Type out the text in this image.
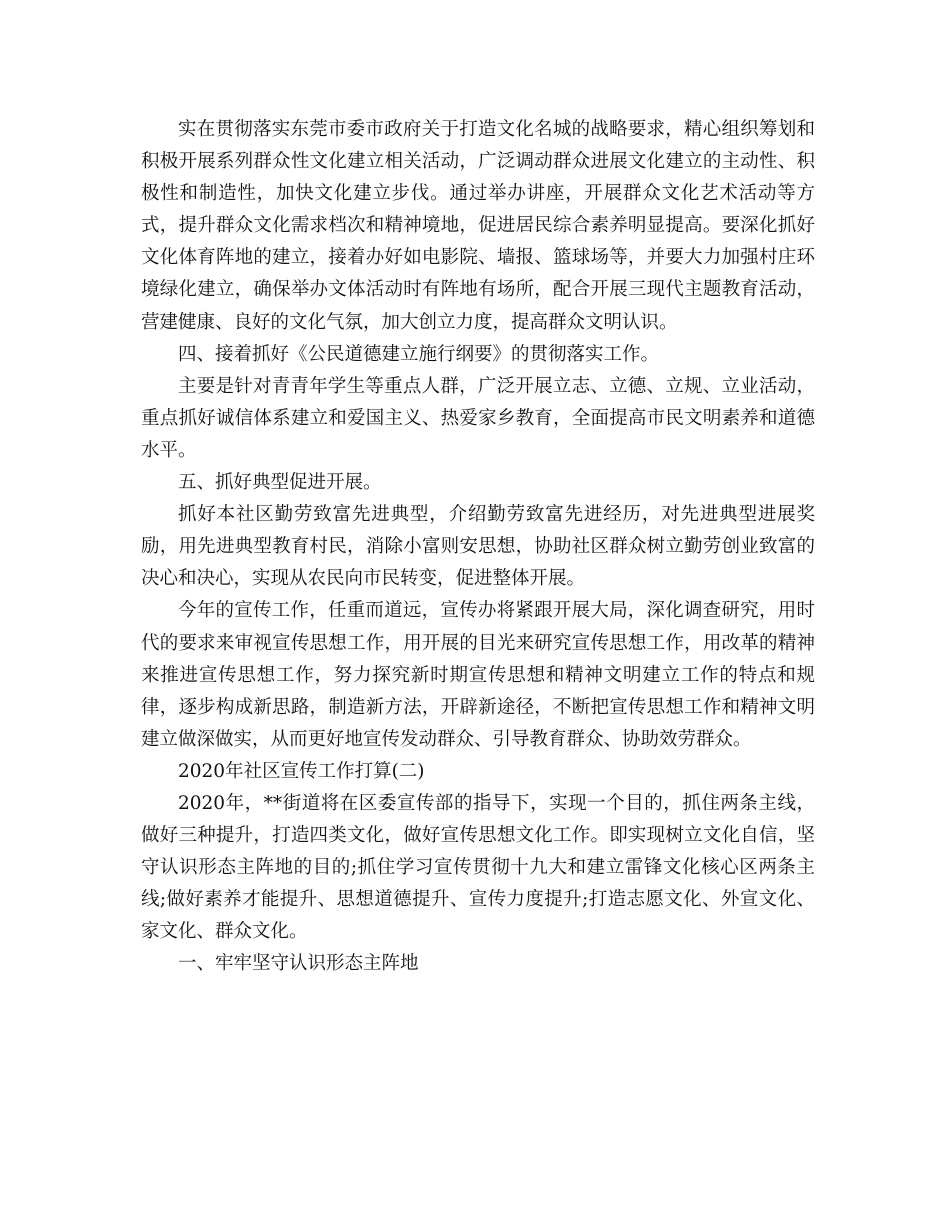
实在贯彻落实东莞市委市政府关于打造文化名城的战略要求，精心组织筹划和积极开展系列群众性文化建立相关活动，广泛调动群众进展文化建立的主动性、积极性和制造性，加快文化建立步伐。通过举办讲座，开展群众文化艺术活动等方式，提升群众文化需求档次和精神境地，促进居民综合素养明显提高。要深化抓好文化体育阵地的建立，接着办好如电影院、墙报、篮球场等，并要大力加强村庄环境绿化建立，确保举办文体活动时有阵地有场所，配合开展三现代主题教育活动，营建健康、良好的文化气氛，加大创立力度，提高群众文明认识。

四、接着抓好《公民道德建立施行纲要》的贯彻落实工作。

主要是针对青青年学生等重点人群，广泛开展立志、立德、立规、立业活动，重点抓好诚信体系建立和爱国主义、热爱家乡教育，全面提高市民文明素养和道德水平。

五、抓好典型促进开展。

抓好本社区勤劳致富先进典型，介绍勤劳致富先进经历，对先进典型进展奖励，用先进典型教育村民，消除小富则安思想，协助社区群众树立勤劳创业致富的决心和决心，实现从农民向市民转变，促进整体开展。

今年的宣传工作，任重而道远，宣传办将紧跟开展大局，深化调查研究，用时代的要求来审视宣传思想工作，用开展的目光来研究宣传思想工作，用改革的精神来推进宣传思想工作，努力探究新时期宣传思想和精神文明建立工作的特点和规律，逐步构成新思路，制造新方法，开辟新途径，不断把宣传思想工作和精神文明建立做深做实，从而更好地宣传发动群众、引导教育群众、协助效劳群众。

2020年社区宣传工作打算(二)

2020年，**街道将在区委宣传部的指导下，实现一个目的，抓住两条主线，做好三种提升，打造四类文化，做好宣传思想文化工作。即实现树立文化自信，坚守认识形态主阵地的目的;抓住学习宣传贯彻十九大和建立雷锋文化核心区两条主线;做好素养才能提升、思想道德提升、宣传力度提升;打造志愿文化、外宣文化、家文化、群众文化。

一、牢牢坚守认识形态主阵地
